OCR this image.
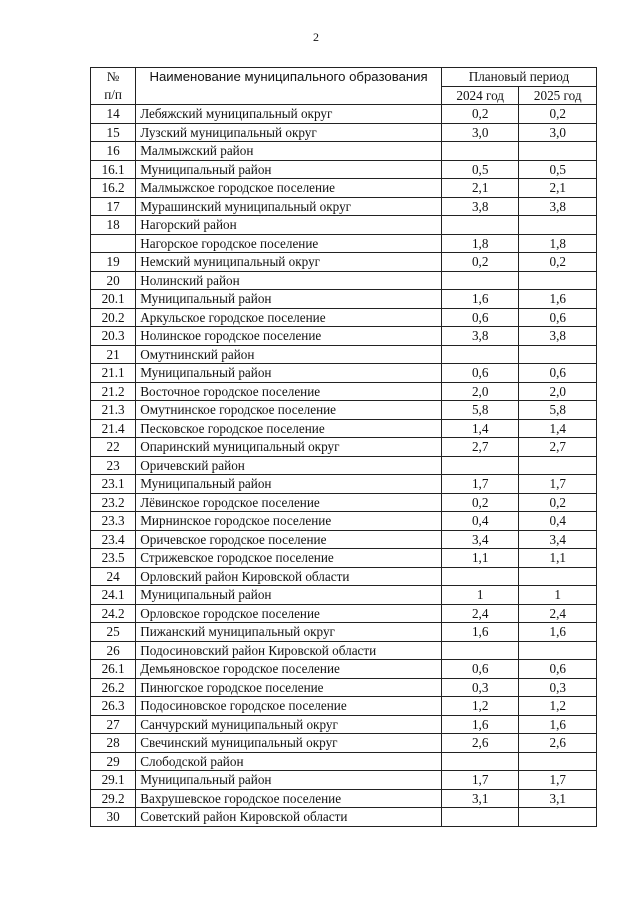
2
№
п/п	Наименование муниципального образования	Плановый период	
		2024 год	2025 год
14	Лебяжский муниципальный округ	0,2	0,2
15	Лузский муниципальный округ	3,0	3,0
16	Малмыжский район		
16.1	Муниципальный район	0,5	0,5
16.2	Малмыжское городское поселение	2,1	2,1
17	Мурашинский муниципальный округ	3,8	3,8
18	Нагорский район		
	Нагорское городское поселение	1,8	1,8
19	Немский муниципальный округ	0,2	0,2
20	Нолинский район		
20.1	Муниципальный район	1,6	1,6
20.2	Аркульское городское поселение	0,6	0,6
20.3	Нолинское городское поселение	3,8	3,8
21	Омутнинский район		
21.1	Муниципальный район	0,6	0,6
21.2	Восточное городское поселение	2,0	2,0
21.3	Омутнинское городское поселение	5,8	5,8
21.4	Песковское городское поселение	1,4	1,4
22	Опаринский муниципальный округ	2,7	2,7
23	Оричевский район		
23.1	Муниципальный район	1,7	1,7
23.2	Лёвинское городское поселение	0,2	0,2
23.3	Мирнинское городское поселение	0,4	0,4
23.4	Оричевское городское поселение	3,4	3,4
23.5	Стрижевское городское поселение	1,1	1,1
24	Орловский район Кировской области		
24.1	Муниципальный район	1	1
24.2	Орловское городское поселение	2,4	2,4
25	Пижанский муниципальный округ	1,6	1,6
26	Подосиновский район Кировской области		
26.1	Демьяновское городское поселение	0,6	0,6
26.2	Пинюгское городское поселение	0,3	0,3
26.3	Подосиновское городское поселение	1,2	1,2
27	Санчурский муниципальный округ	1,6	1,6
28	Свечинский муниципальный округ	2,6	2,6
29	Слободской район		
29.1	Муниципальный район	1,7	1,7
29.2	Вахрушевское городское поселение	3,1	3,1
30	Советский район Кировской области		
